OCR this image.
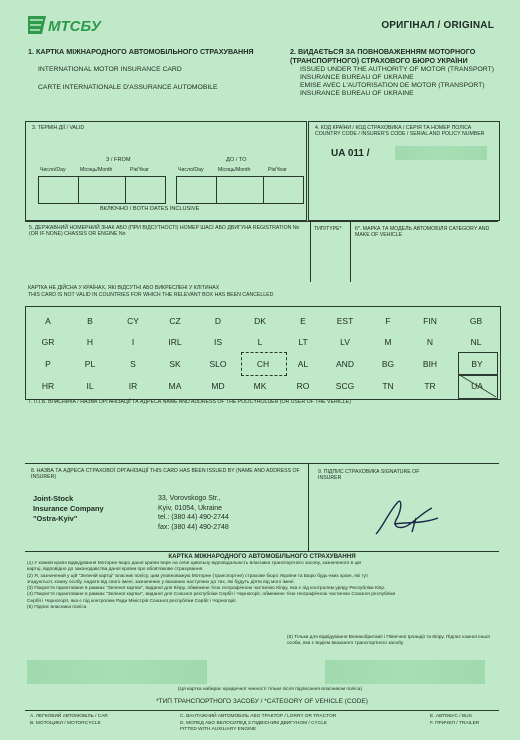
МТСБУ	ОРИГІНАЛ / ORIGINAL
1. КАРТКА МІЖНАРОДНОГО АВТОМОБІЛЬНОГО СТРАХУВАННЯ
INTERNATIONAL MOTOR INSURANCE CARD
CARTE INTERNATIONALE D'ASSURANCE AUTOMOBILE
2. ВИДАЄТЬСЯ ЗА ПОВНОВАЖЕННЯМ МОТОРНОГО (ТРАНСПОРТНОГО) СТРАХОВОГО БЮРО УКРАЇНИ
ISSUED UNDER THE AUTHORITY OF MOTOR (TRANSPORT) INSURANCE BUREAU OF UKRAINE
EMISE AVEC L'AUTORISATION DE MOTOR (TRANSPORT) INSURANCE BUREAU OF UKRAINE
3. ТЕРМІН ДІЇ / VALID
З / FROM	ДО / TO
Число/Day	Місяць/Month	Рік/Year	Число/Day	Місяць/Month	Рік/Year
ВКЛЮЧНО / BOTH DATES INCLUSIVE
4. КОД КРАЇНИ / КОД СТРАХОВИКА / СЕРІЯ ТА НОМЕР ПОЛІСА COUNTRY CODE / INSURER'S CODE / SERIAL AND POLICY NUMBER
UA 011 /
5. ДЕРЖАВНИЙ НОМЕРНИЙ ЗНАК АБО (ПРИ ВІДСУТНОСТІ) НОМЕР ШАСІ АБО ДВИГУНА REGISTRATION No (OR IF NONE) CHASSIS OR ENGINE No
ТИП/TYPE*	6*. МАРКА ТА МОДЕЛЬ АВТОМОБІЛЯ CATEGORY AND MAKE OF VEHICLE
КАРТКА НЕ ДІЙСНА У КРАЇНАХ, ЯКІ ВІДСУТНІ АБО ВИКРЕСЛЕНІ У КЛІТИНАХ
THIS CARD IS NOT VALID IN COUNTRIES FOR WHICH THE RELEVANT BOX HAS BEEN CANCELLED
A	B	CY	CZ	D	DK	E	EST	F	FIN	GB
GR	H	I	IRL	IS	L	LT	LV	M	N	NL
P	PL	S	SK	SLO	CH	AL	AND	BG	BIH	BY
HR	IL	IR	MA	MD	MK	RO	SCG	TN	TR	UA
7. П.І.Б. ВЛАСНИКА / НАЗВА ОРГАНІЗАЦІЇ ТА АДРЕСА NAME AND ADDRESS OF THE POLICYHOLDER (OR USER OF THE VEHICLE)
8. НАЗВА ТА АДРЕСА СТРАХОВОЇ ОРГАНІЗАЦІЇ THIS CARD HAS BEEN ISSUED BY (NAME AND ADDRESS OF INSURER)
9. ПІДПИС СТРАХОВИКА SIGNATURE OF INSURER
Joint-Stock
Insurance Company
"Ostra-Kyiv"
33, Vorovskogo Str.,
Kyiv, 01054, Ukraine
tel.: (380 44) 490-2744
fax: (380 44) 490-2748
КАРТКА МІЖНАРОДНОГО АВТОМОБІЛЬНОГО СТРАХУВАННЯ
(1) У кожній країні відвідування Моторне бюро даної країни бере на себе цивільну відповідальність власника транспортного засобу, зазначеного в цій
картці, відповідно до законодавства даної країни про обов'язкове страхування.
(2) Я, зазначений у цій "Зеленій картці" власник полісу, цим уповноважую Моторне (транспортне) страхове бюро України та Бюро будь-яких країн, які тут
згадуються, кожну особу, надати від свого імені, зазначених у вказаних наступних до тих, які будуть діяти від мого імені.
(3) Покриття гарантоване в рамках "Зеленої картки", виданої для Кіпру, обмежене тією географічною частиною Кіпру, яка є під контролем уряду Республіки Кіпр.
(4) Покриття гарантоване в рамках "Зеленої картки", виданої для Союзної республіки Сербії і Чорногорії, обмежене тією географічною частиною Союзної республіки
Сербії і Чорногорії, яка є під контролем Ради Міністрів Союзної республіки Сербії і Чорногорії.
(5) Підпис власника поліса
(6) Тільки для відвідування Великобританії і Північної Ірландії та Кіпру. Підпис кожної іншої особи, яка є водієм вказаного транспортного засобу
(Ця картка набирає юридичної чинності тільки після підписання власником поліса)
*ТИП ТРАНСПОРТНОГО ЗАСОБУ / *CATEGORY OF VEHICLE (CODE)
A. ЛЕГКОВИЙ АВТОМОБІЛЬ / CAR
B. МОТОЦИКЛ / MOTORCYCLE
C. ВАНТАЖНИЙ АВТОМОБІЛЬ АБО ТРАКТОР / LORRY OR TRACTOR
D. МОПЕД АБО ВЕЛОСИПЕД З ПІДВІСНИМ ДВИГУНОМ / CYCLE FITTED WITH AUXILIARY ENGINE
E. АВТОБУС / BUS
F. ПРИЧЕП / TRAILER
